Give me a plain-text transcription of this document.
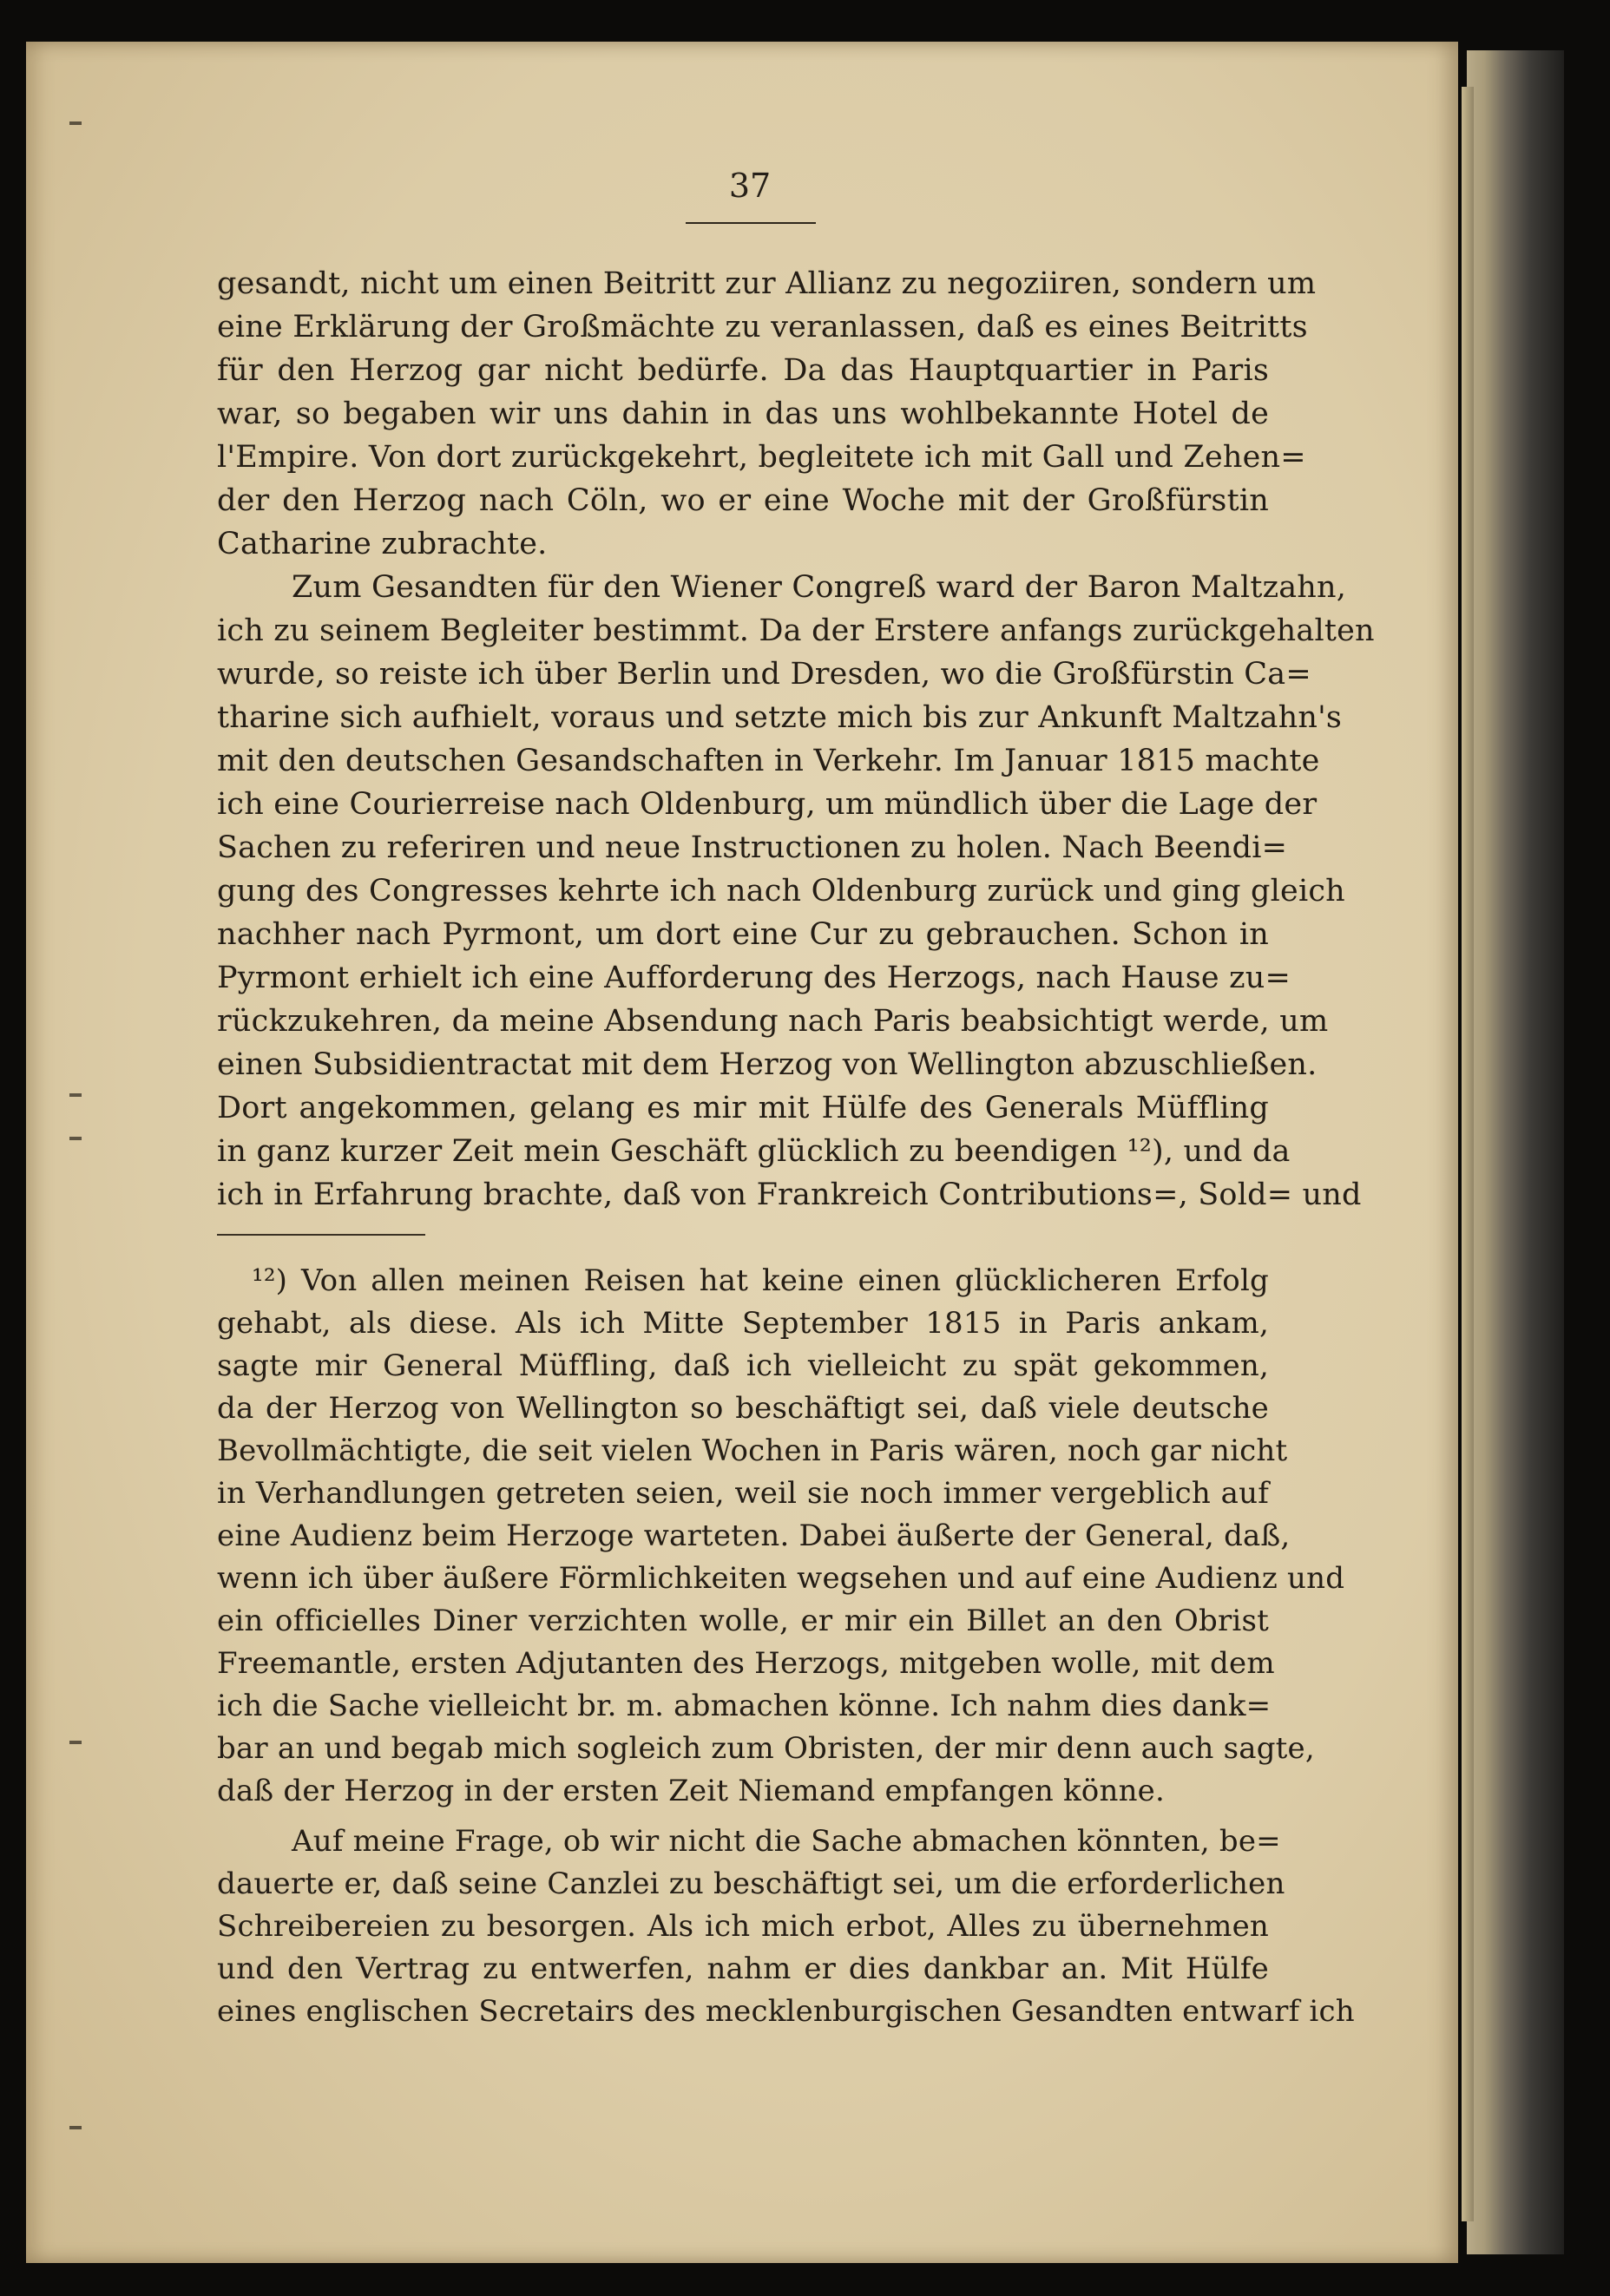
37
gesandt, nicht um einen Beitritt zur Allianz zu negoziiren, sondern um
eine Erklärung der Großmächte zu veranlassen, daß es eines Beitritts
für den Herzog gar nicht bedürfe. Da das Hauptquartier in Paris
war, so begaben wir uns dahin in das uns wohlbekannte Hotel de
l'Empire. Von dort zurückgekehrt, begleitete ich mit Gall und Zehen=
der den Herzog nach Cöln, wo er eine Woche mit der Großfürstin
Catharine zubrachte.
Zum Gesandten für den Wiener Congreß ward der Baron Maltzahn,
ich zu seinem Begleiter bestimmt. Da der Erstere anfangs zurückgehalten
wurde, so reiste ich über Berlin und Dresden, wo die Großfürstin Ca=
tharine sich aufhielt, voraus und setzte mich bis zur Ankunft Maltzahn's
mit den deutschen Gesandschaften in Verkehr. Im Januar 1815 machte
ich eine Courierreise nach Oldenburg, um mündlich über die Lage der
Sachen zu referiren und neue Instructionen zu holen. Nach Beendi=
gung des Congresses kehrte ich nach Oldenburg zurück und ging gleich
nachher nach Pyrmont, um dort eine Cur zu gebrauchen. Schon in
Pyrmont erhielt ich eine Aufforderung des Herzogs, nach Hause zu=
rückzukehren, da meine Absendung nach Paris beabsichtigt werde, um
einen Subsidientractat mit dem Herzog von Wellington abzuschließen.
Dort angekommen, gelang es mir mit Hülfe des Generals Müffling
in ganz kurzer Zeit mein Geschäft glücklich zu beendigen ¹²), und da
ich in Erfahrung brachte, daß von Frankreich Contributions=, Sold= und
¹²) Von allen meinen Reisen hat keine einen glücklicheren Erfolg
gehabt, als diese. Als ich Mitte September 1815 in Paris ankam,
sagte mir General Müffling, daß ich vielleicht zu spät gekommen,
da der Herzog von Wellington so beschäftigt sei, daß viele deutsche
Bevollmächtigte, die seit vielen Wochen in Paris wären, noch gar nicht
in Verhandlungen getreten seien, weil sie noch immer vergeblich auf
eine Audienz beim Herzoge warteten. Dabei äußerte der General, daß,
wenn ich über äußere Förmlichkeiten wegsehen und auf eine Audienz und
ein officielles Diner verzichten wolle, er mir ein Billet an den Obrist
Freemantle, ersten Adjutanten des Herzogs, mitgeben wolle, mit dem
ich die Sache vielleicht br. m. abmachen könne. Ich nahm dies dank=
bar an und begab mich sogleich zum Obristen, der mir denn auch sagte,
daß der Herzog in der ersten Zeit Niemand empfangen könne.
Auf meine Frage, ob wir nicht die Sache abmachen könnten, be=
dauerte er, daß seine Canzlei zu beschäftigt sei, um die erforderlichen
Schreibereien zu besorgen. Als ich mich erbot, Alles zu übernehmen
und den Vertrag zu entwerfen, nahm er dies dankbar an. Mit Hülfe
eines englischen Secretairs des mecklenburgischen Gesandten entwarf ich
